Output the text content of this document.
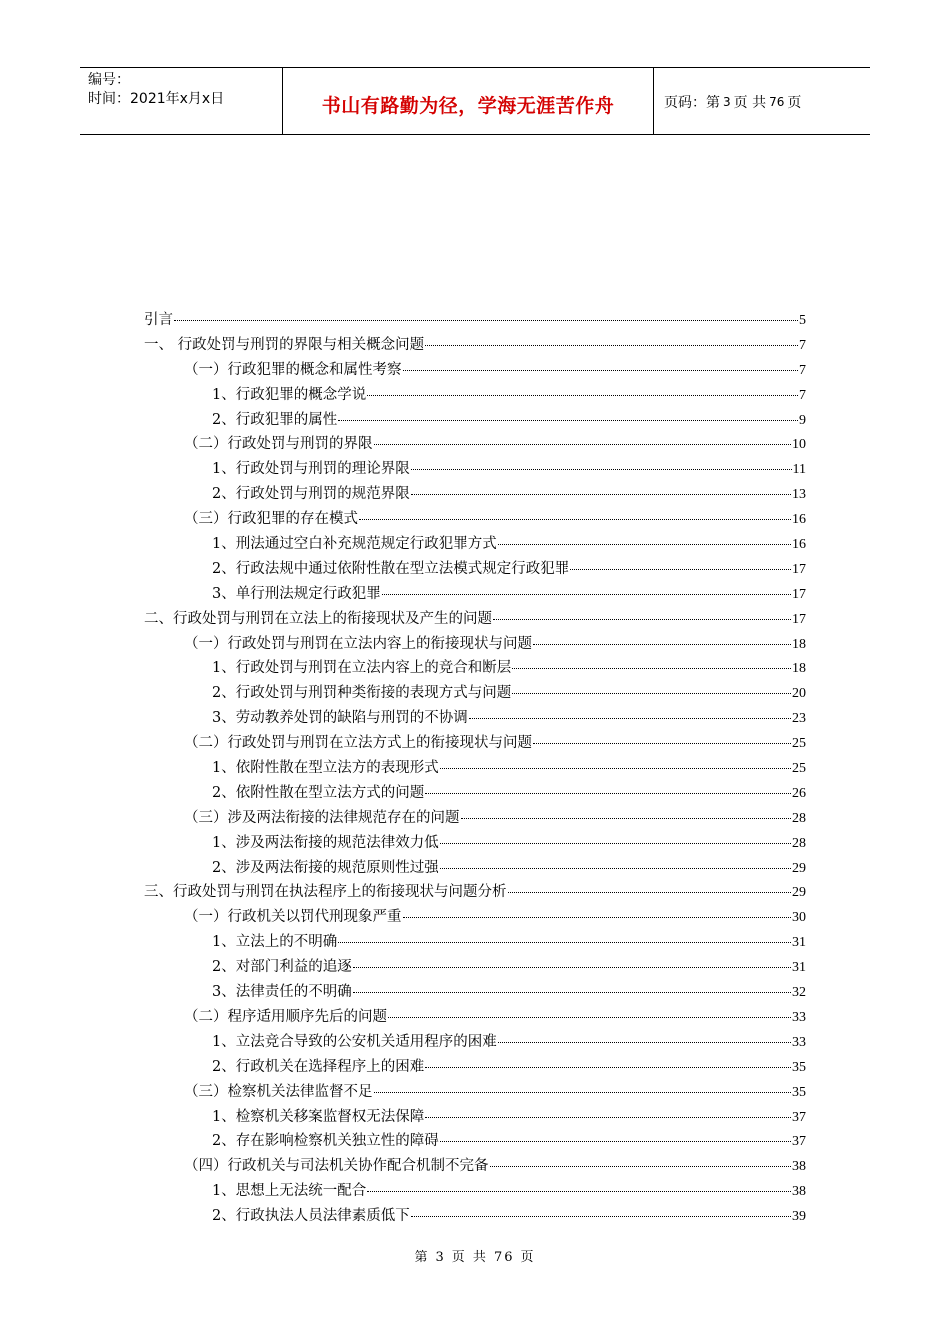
编号：
时间：2021年x月x日	书山有路勤为径，学海无涯苦作舟	页码：第 3 页 共 76 页
引言	5
一、 行政处罚与刑罚的界限与相关概念问题	7
（一）行政犯罪的概念和属性考察	7
1、行政犯罪的概念学说	7
2、行政犯罪的属性	9
（二）行政处罚与刑罚的界限	10
1、行政处罚与刑罚的理论界限	11
2、行政处罚与刑罚的规范界限	13
（三）行政犯罪的存在模式	16
1、刑法通过空白补充规范规定行政犯罪方式	16
2、行政法规中通过依附性散在型立法模式规定行政犯罪	17
3、单行刑法规定行政犯罪	17
二、行政处罚与刑罚在立法上的衔接现状及产生的问题	17
（一）行政处罚与刑罚在立法内容上的衔接现状与问题	18
1、行政处罚与刑罚在立法内容上的竞合和断层	18
2、行政处罚与刑罚种类衔接的表现方式与问题	20
3、劳动教养处罚的缺陷与刑罚的不协调	23
（二）行政处罚与刑罚在立法方式上的衔接现状与问题	25
1、依附性散在型立法方的表现形式	25
2、依附性散在型立法方式的问题	26
（三）涉及两法衔接的法律规范存在的问题	28
1、涉及两法衔接的规范法律效力低	28
2、涉及两法衔接的规范原则性过强	29
三、行政处罚与刑罚在执法程序上的衔接现状与问题分析	29
（一）行政机关以罚代刑现象严重	30
1、立法上的不明确	31
2、对部门利益的追逐	31
3、法律责任的不明确	32
（二）程序适用顺序先后的问题	33
1、立法竞合导致的公安机关适用程序的困难	33
2、行政机关在选择程序上的困难	35
（三）检察机关法律监督不足	35
1、检察机关移案监督权无法保障	37
2、存在影响检察机关独立性的障碍	37
（四）行政机关与司法机关协作配合机制不完备	38
1、思想上无法统一配合	38
2、行政执法人员法律素质低下	39
第 3 页 共 76 页
